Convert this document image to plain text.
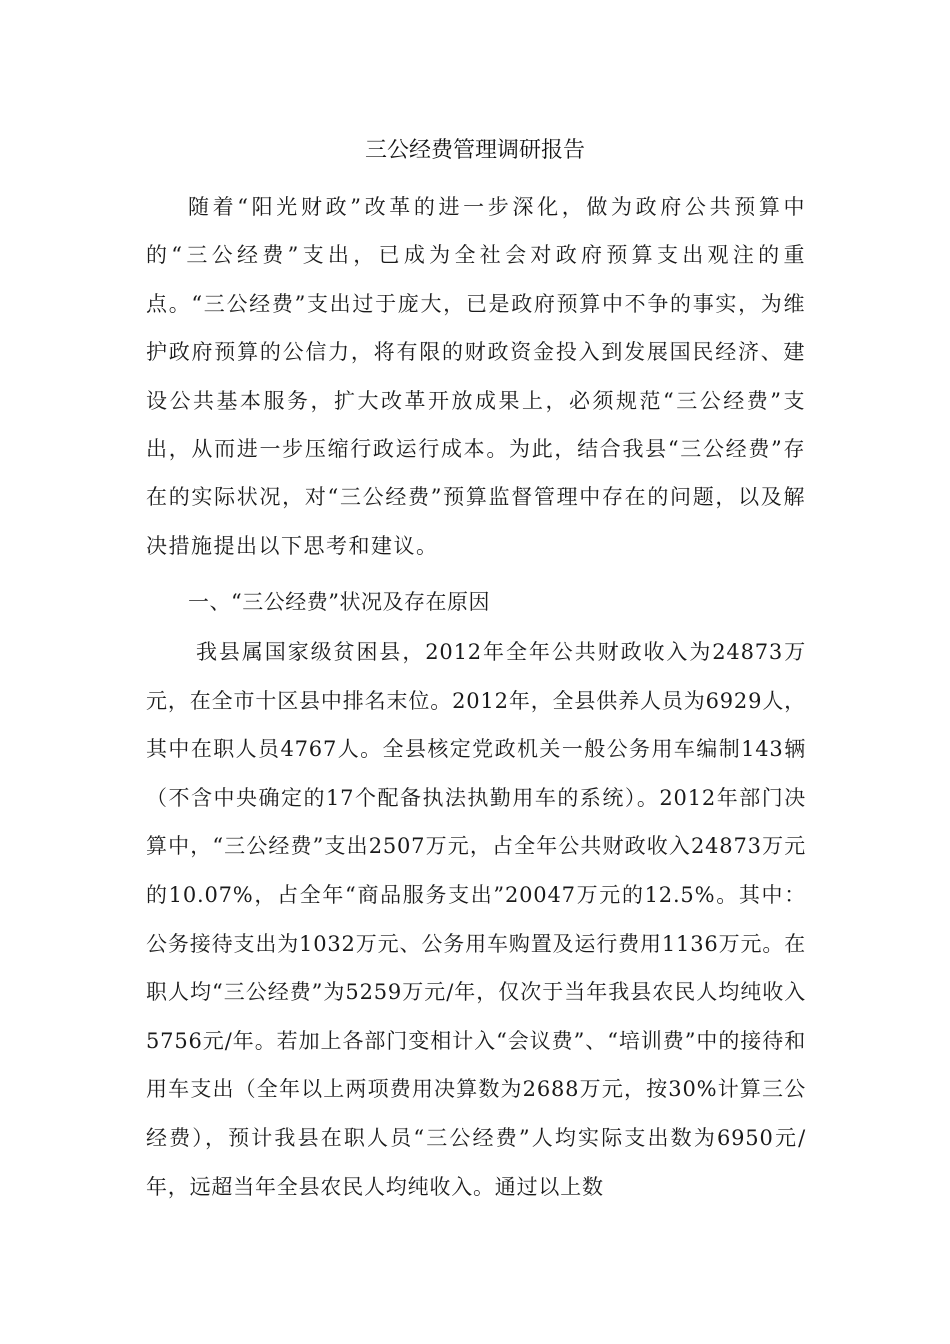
三公经费管理调研报告
随着“阳光财政”改革的进一步深化，做为政府公共预算中的“三公经费”支出，已成为全社会对政府预算支出观注的重点。“三公经费”支出过于庞大，已是政府预算中不争的事实，为维护政府预算的公信力，将有限的财政资金投入到发展国民经济、建设公共基本服务，扩大改革开放成果上，必须规范“三公经费”支出，从而进一步压缩行政运行成本。为此，结合我县“三公经费”存在的实际状况，对“三公经费”预算监督管理中存在的问题，以及解决措施提出以下思考和建议。
一、“三公经费”状况及存在原因
我县属国家级贫困县，2012年全年公共财政收入为24873万元，在全市十区县中排名末位。2012年，全县供养人员为6929人，其中在职人员4767人。全县核定党政机关一般公务用车编制143辆（不含中央确定的17个配备执法执勤用车的系统）。2012年部门决算中，“三公经费”支出2507万元，占全年公共财政收入24873万元的10.07%，占全年“商品服务支出”20047万元的12.5%。其中：公务接待支出为1032万元、公务用车购置及运行费用1136万元。在职人均“三公经费”为5259万元/年，仅次于当年我县农民人均纯收入5756元/年。若加上各部门变相计入“会议费”、“培训费”中的接待和用车支出（全年以上两项费用决算数为2688万元，按30%计算三公经费），预计我县在职人员“三公经费”人均实际支出数为6950元/年，远超当年全县农民人均纯收入。通过以上数
